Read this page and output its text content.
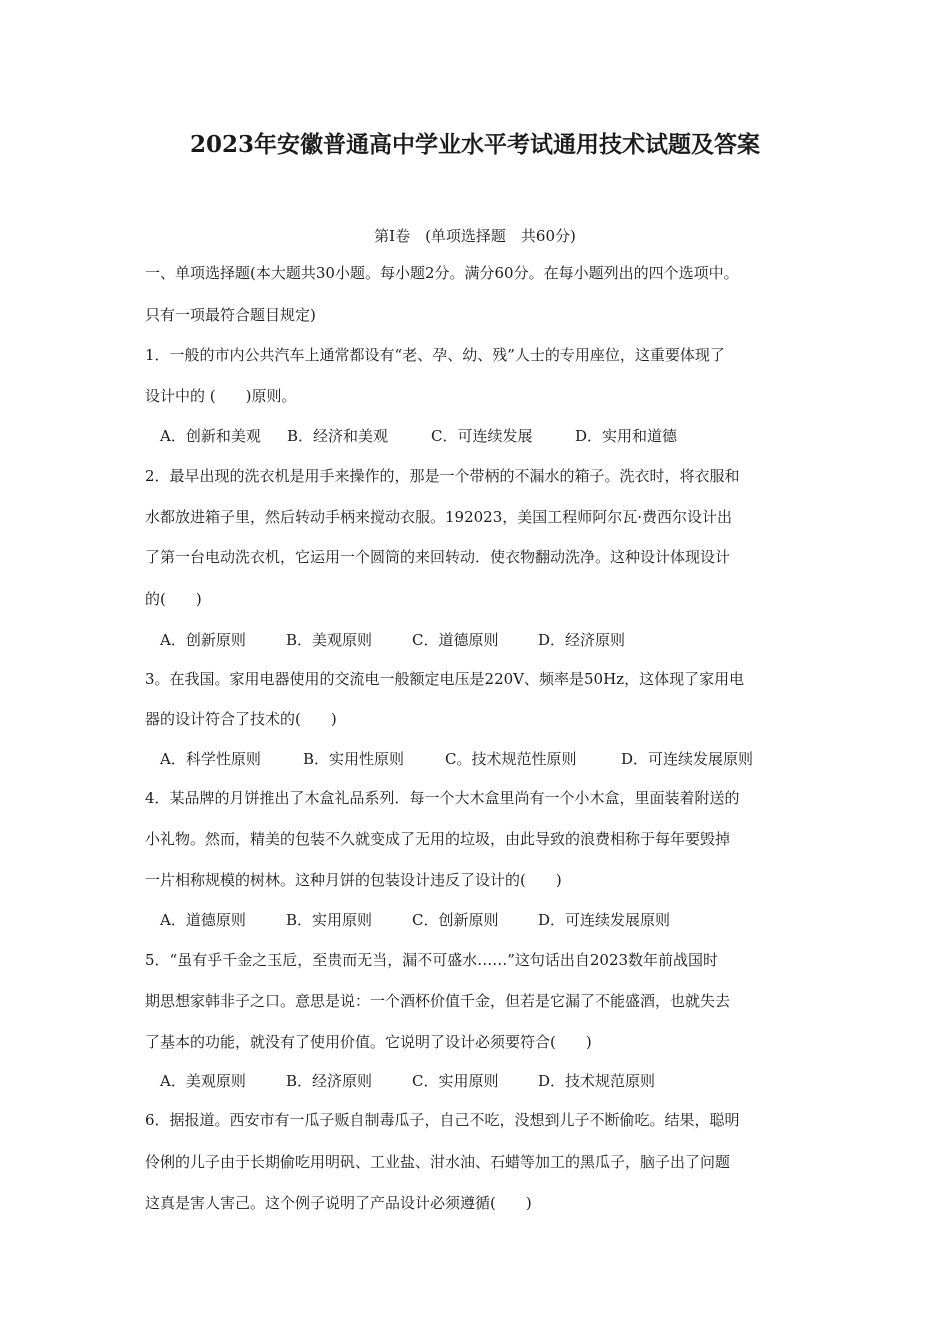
2023年安徽普通高中学业水平考试通用技术试题及答案
第Ⅰ卷　(单项选择题　共60分)
一、单项选择题(本大题共30小题。每小题2分。满分60分。在每小题列出的四个选项中。
只有一项最符合题目规定)
1．一般的市内公共汽车上通常都设有“老、孕、幼、残”人士的专用座位，这重要体现了
设计中的 (　　)原则。
A．创新和美观 B．经济和美观	C．可连续发展	D．实用和道德
2．最早出现的洗衣机是用手来操作的，那是一个带柄的不漏水的箱子。洗衣时，将衣服和
水都放进箱子里，然后转动手柄来搅动衣服。192023，美国工程师阿尔瓦·费西尔设计出
了第一台电动洗衣机，它运用一个圆筒的来回转动．使衣物翻动洗净。这种设计体现设计
的(　　)
A．创新原则	B．美观原则	C．道德原则	D．经济原则
3。在我国。家用电器使用的交流电一般额定电压是220V、频率是50Hz，这体现了家用电
器的设计符合了技术的(　　)
A．科学性原则	B．实用性原则	C。技术规范性原则	D．可连续发展原则
4．某品牌的月饼推出了木盒礼品系列．每一个大木盒里尚有一个小木盒，里面装着附送的
小礼物。然而，精美的包装不久就变成了无用的垃圾，由此导致的浪费相称于每年要毁掉
一片相称规模的树林。这种月饼的包装设计违反了设计的(　　)
A．道德原则	B．实用原则	C．创新原则	D．可连续发展原则
5．“虽有乎千金之玉卮，至贵而无当，漏不可盛水……”这句话出自2023数年前战国时
期思想家韩非子之口。意思是说：一个酒杯价值千金，但若是它漏了不能盛酒，也就失去
了基本的功能，就没有了使用价值。它说明了设计必须要符合(　　)
A．美观原则	B．经济原则	C．实用原则	D．技术规范原则
6．据报道。西安市有一瓜子贩自制毒瓜子，自己不吃，没想到儿子不断偷吃。结果，聪明
伶俐的儿子由于长期偷吃用明矾、工业盐、泔水油、石蜡等加工的黑瓜子，脑子出了问题
这真是害人害己。这个例子说明了产品设计必须遵循(　　)
